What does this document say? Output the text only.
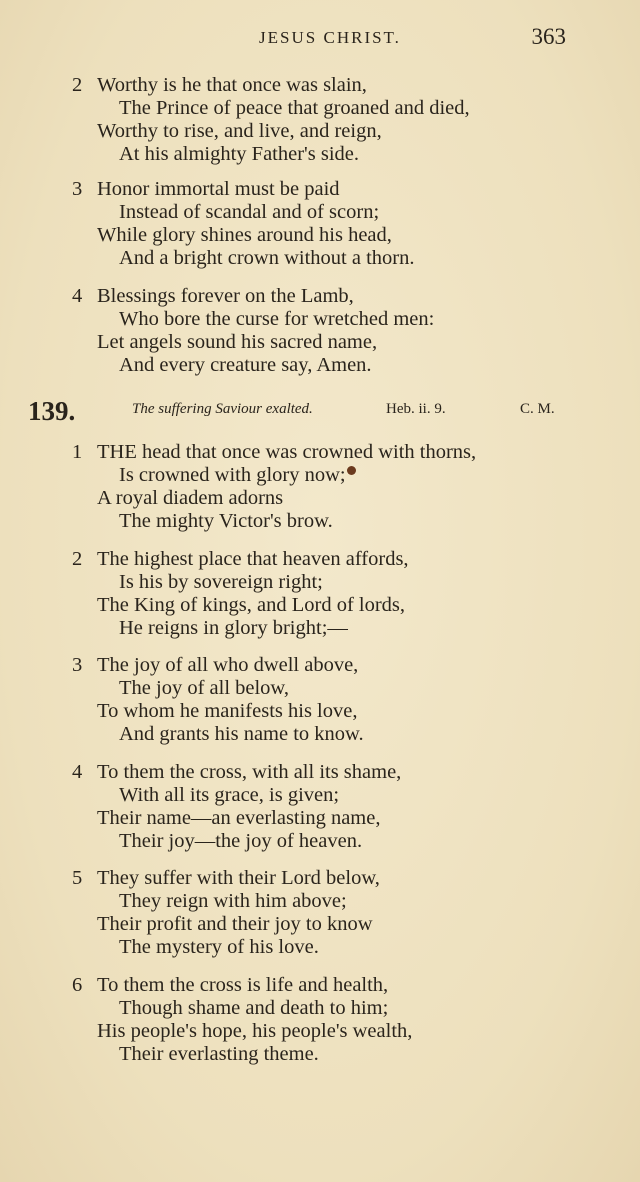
JESUS CHRIST.	363
2 Worthy is he that once was slain,
The Prince of peace that groaned and died,
Worthy to rise, and live, and reign,
At his almighty Father's side.
3 Honor immortal must be paid
Instead of scandal and of scorn;
While glory shines around his head,
And a bright crown without a thorn.
4 Blessings forever on the Lamb,
Who bore the curse for wretched men:
Let angels sound his sacred name,
And every creature say, Amen.
139.	The suffering Saviour exalted.	Heb. ii. 9.	C. M.
1 THE head that once was crowned with thorns,
Is crowned with glory now;
A royal diadem adorns
The mighty Victor's brow.
2 The highest place that heaven affords,
Is his by sovereign right;
The King of kings, and Lord of lords,
He reigns in glory bright;—
3 The joy of all who dwell above,
The joy of all below,
To whom he manifests his love,
And grants his name to know.
4 To them the cross, with all its shame,
With all its grace, is given;
Their name—an everlasting name,
Their joy—the joy of heaven.
5 They suffer with their Lord below,
They reign with him above;
Their profit and their joy to know
The mystery of his love.
6 To them the cross is life and health,
Though shame and death to him;
His people's hope, his people's wealth,
Their everlasting theme.
